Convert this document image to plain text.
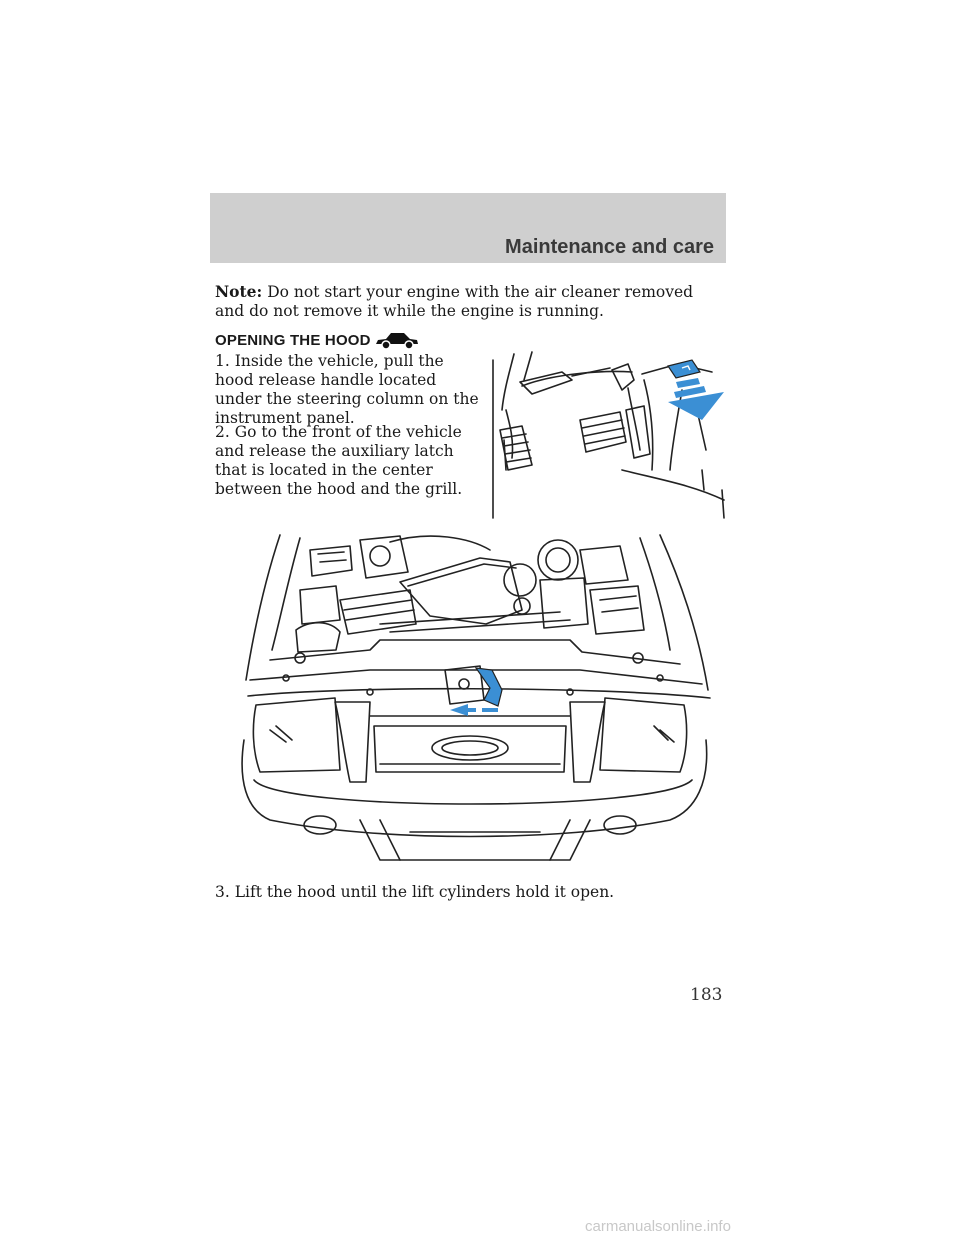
Maintenance and care
Note: Do not start your engine with the air cleaner removed and do not remove it while the engine is running.
OPENING THE HOOD
1. Inside the vehicle, pull the hood release handle located under the steering column on the instrument panel.
2. Go to the front of the vehicle and release the auxiliary latch that is located in the center between the hood and the grill.
3. Lift the hood until the lift cylinders hold it open.
183
carmanualsonline.info
